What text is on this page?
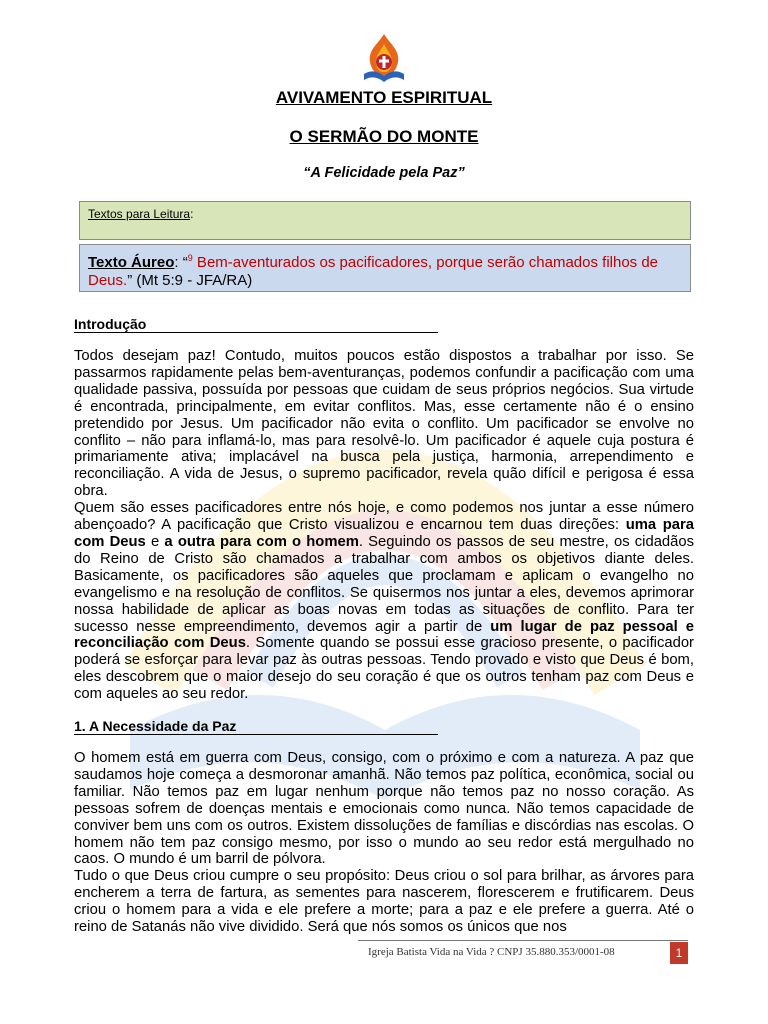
AVIVAMENTO ESPIRITUAL
O SERMÃO DO MONTE
“A Felicidade pela Paz”
Textos para Leitura:
Texto Áureo: “$^9$ Bem-aventurados os pacificadores, porque serão chamados filhos de Deus.” (Mt 5:9 - JFA/RA)
Introdução

Todos desejam paz! Contudo, muitos poucos estão dispostos a trabalhar por isso. Se passarmos rapidamente pelas bem-aventuranças, podemos confundir a pacificação com uma qualidade passiva, possuída por pessoas que cuidam de seus próprios negócios. Sua virtude é encontrada, principalmente, em evitar conflitos. Mas, esse certamente não é o ensino pretendido por Jesus. Um pacificador não evita o conflito. Um pacificador se envolve no conflito – não para inflamá-lo, mas para resolvê-lo. Um pacificador é aquele cuja postura é primariamente ativa; implacável na busca pela justiça, harmonia, arrependimento e reconciliação. A vida de Jesus, o supremo pacificador, revela quão difícil e perigosa é essa obra.

Quem são esses pacificadores entre nós hoje, e como podemos nos juntar a esse número abençoado? A pacificação que Cristo visualizou e encarnou tem duas direções: uma para com Deus e a outra para com o homem. Seguindo os passos de seu mestre, os cidadãos do Reino de Cristo são chamados a trabalhar com ambos os objetivos diante deles. Basicamente, os pacificadores são aqueles que proclamam e aplicam o evangelho no evangelismo e na resolução de conflitos. Se quisermos nos juntar a eles, devemos aprimorar nossa habilidade de aplicar as boas novas em todas as situações de conflito. Para ter sucesso nesse empreendimento, devemos agir a partir de um lugar de paz pessoal e reconciliação com Deus. Somente quando se possui esse gracioso presente, o pacificador poderá se esforçar para levar paz às outras pessoas. Tendo provado e visto que Deus é bom, eles descobrem que o maior desejo do seu coração é que os outros tenham paz com Deus e com aqueles ao seu redor.

1. A Necessidade da Paz

O homem está em guerra com Deus, consigo, com o próximo e com a natureza. A paz que saudamos hoje começa a desmoronar amanhã. Não temos paz política, econômica, social ou familiar. Não temos paz em lugar nenhum porque não temos paz no nosso coração. As pessoas sofrem de doenças mentais e emocionais como nunca. Não temos capacidade de conviver bem uns com os outros. Existem dissoluções de famílias e discórdias nas escolas. O homem não tem paz consigo mesmo, por isso o mundo ao seu redor está mergulhado no caos. O mundo é um barril de pólvora.

Tudo o que Deus criou cumpre o seu propósito: Deus criou o sol para brilhar, as árvores para encherem a terra de fartura, as sementes para nascerem, florescerem e frutificarem. Deus criou o homem para a vida e ele prefere a morte; para a paz e ele prefere a guerra. Até o reino de Satanás não vive dividido. Será que nós somos os únicos que nos

Igreja Batista Vida na Vida ? CNPJ 35.880.353/0001-08	1
